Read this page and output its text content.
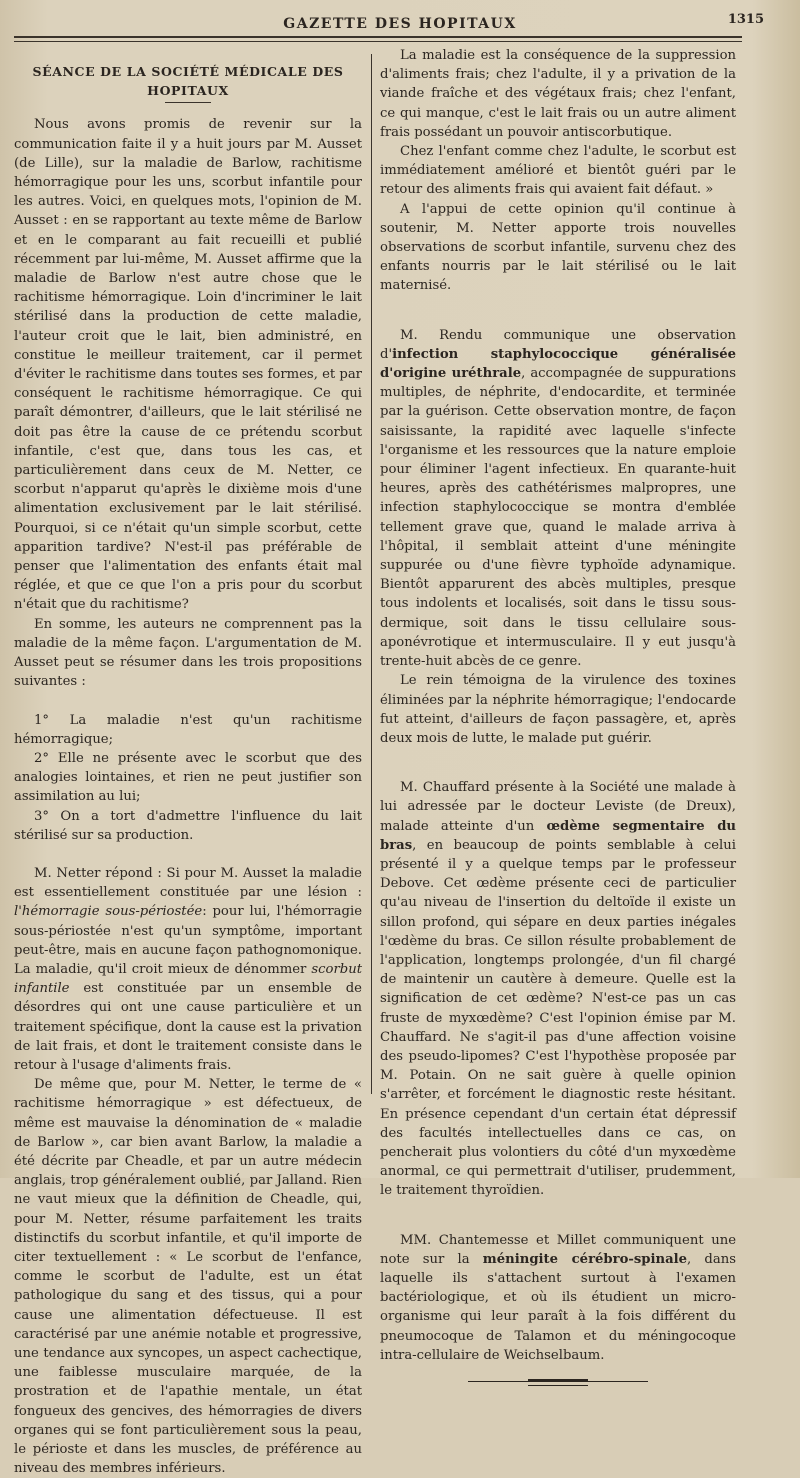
GAZETTE DES HOPITAUX	1315
SÉANCE DE LA SOCIÉTÉ MÉDICALE DES HOPITAUX

Nous avons promis de revenir sur la communication faite il y a huit jours par M. Ausset (de Lille), sur la maladie de Barlow, rachitisme hémorragique pour les uns, scorbut infantile pour les autres. Voici, en quelques mots, l'opinion de M. Ausset : en se rapportant au texte même de Barlow et en le comparant au fait recueilli et publié récemment par lui-même, M. Ausset affirme que la maladie de Barlow n'est autre chose que le rachitisme hémorragique. Loin d'incriminer le lait stérilisé dans la production de cette maladie, l'auteur croit que le lait, bien administré, en constitue le meilleur traitement, car il permet d'éviter le rachitisme dans toutes ses formes, et par conséquent le rachitisme hémorragique. Ce qui paraît démontrer, d'ailleurs, que le lait stérilisé ne doit pas être la cause de ce prétendu scorbut infantile, c'est que, dans tous les cas, et particulièrement dans ceux de M. Netter, ce scorbut n'apparut qu'après le dixième mois d'une alimentation exclusivement par le lait stérilisé. Pourquoi, si ce n'était qu'un simple scorbut, cette apparition tardive? N'est-il pas préférable de penser que l'alimentation des enfants était mal réglée, et que ce que l'on a pris pour du scorbut n'était que du rachitisme?

En somme, les auteurs ne comprennent pas la maladie de la même façon. L'argumentation de M. Ausset peut se résumer dans les trois propositions suivantes :

1° La maladie n'est qu'un rachitisme hémorragique;

2° Elle ne présente avec le scorbut que des analogies lointaines, et rien ne peut justifier son assimilation au lui;

3° On a tort d'admettre l'influence du lait stérilisé sur sa production.

M. Netter répond : Si pour M. Ausset la maladie est essentiellement constituée par une lésion : l'hémorragie sous-périostée: pour lui, l'hémorragie sous-périostée n'est qu'un symptôme, important peut-être, mais en aucune façon pathognomonique. La maladie, qu'il croit mieux de dénommer scorbut infantile est constituée par un ensemble de désordres qui ont une cause particulière et un traitement spécifique, dont la cause est la privation de lait frais, et dont le traitement consiste dans le retour à l'usage d'aliments frais.

De même que, pour M. Netter, le terme de « rachitisme hémorragique » est défectueux, de même est mauvaise la dénomination de « maladie de Barlow », car bien avant Barlow, la maladie a été décrite par Cheadle, et par un autre médecin anglais, trop généralement oublié, par Jalland. Rien ne vaut mieux que la définition de Cheadle, qui, pour M. Netter, résume parfaitement les traits distinctifs du scorbut infantile, et qu'il importe de citer textuellement : « Le scorbut de l'enfance, comme le scorbut de l'adulte, est un état pathologique du sang et des tissus, qui a pour cause une alimentation défectueuse. Il est caractérisé par une anémie notable et progressive, une tendance aux syncopes, un aspect cachectique, une faiblesse musculaire marquée, de la prostration et de l'apathie mentale, un état fongueux des gencives, des hémorragies de divers organes qui se font particulièrement sous la peau, le périoste et dans les muscles, de préférence au niveau des membres inférieurs.

La maladie est la conséquence de la suppression d'aliments frais; chez l'adulte, il y a privation de la viande fraîche et des végétaux frais; chez l'enfant, ce qui manque, c'est le lait frais ou un autre aliment frais possédant un pouvoir antiscorbutique.

Chez l'enfant comme chez l'adulte, le scorbut est immédiatement amélioré et bientôt guéri par le retour des aliments frais qui avaient fait défaut. »

A l'appui de cette opinion qu'il continue à soutenir, M. Netter apporte trois nouvelles observations de scorbut infantile, survenu chez des enfants nourris par le lait stérilisé ou le lait maternisé.

M. Rendu communique une observation d'infection staphylococcique généralisée d'origine uréthrale, accompagnée de suppurations multiples, de néphrite, d'endocardite, et terminée par la guérison. Cette observation montre, de façon saisissante, la rapidité avec laquelle s'infecte l'organisme et les ressources que la nature emploie pour éliminer l'agent infectieux. En quarante-huit heures, après des cathétérismes malpropres, une infection staphylococcique se montra d'emblée tellement grave que, quand le malade arriva à l'hôpital, il semblait atteint d'une méningite suppurée ou d'une fièvre typhoïde adynamique. Bientôt apparurent des abcès multiples, presque tous indolents et localisés, soit dans le tissu sous-dermique, soit dans le tissu cellulaire sous-aponévrotique et intermusculaire. Il y eut jusqu'à trente-huit abcès de ce genre.

Le rein témoigna de la virulence des toxines éliminées par la néphrite hémorragique; l'endocarde fut atteint, d'ailleurs de façon passagère, et, après deux mois de lutte, le malade put guérir.

M. Chauffard présente à la Société une malade à lui adressée par le docteur Leviste (de Dreux), malade atteinte d'un œdème segmentaire du bras, en beaucoup de points semblable à celui présenté il y a quelque temps par le professeur Debove. Cet œdème présente ceci de particulier qu'au niveau de l'insertion du deltoïde il existe un sillon profond, qui sépare en deux parties inégales l'œdème du bras. Ce sillon résulte probablement de l'application, longtemps prolongée, d'un fil chargé de maintenir un cautère à demeure. Quelle est la signification de cet œdème? N'est-ce pas un cas fruste de myxœdème? C'est l'opinion émise par M. Chauffard. Ne s'agit-il pas d'une affection voisine des pseudo-lipomes? C'est l'hypothèse proposée par M. Potain. On ne sait guère à quelle opinion s'arrêter, et forcément le diagnostic reste hésitant. En présence cependant d'un certain état dépressif des facultés intellectuelles dans ce cas, on pencherait plus volontiers du côté d'un myxœdème anormal, ce qui permettrait d'utiliser, prudemment, le traitement thyroïdien.

MM. Chantemesse et Millet communiquent une note sur la méningite cérébro-spinale, dans laquelle ils s'attachent surtout à l'examen bactériologique, et où ils étudient un micro-organisme qui leur paraît à la fois différent du pneumocoque de Talamon et du méningocoque intra-cellulaire de Weichselbaum.
